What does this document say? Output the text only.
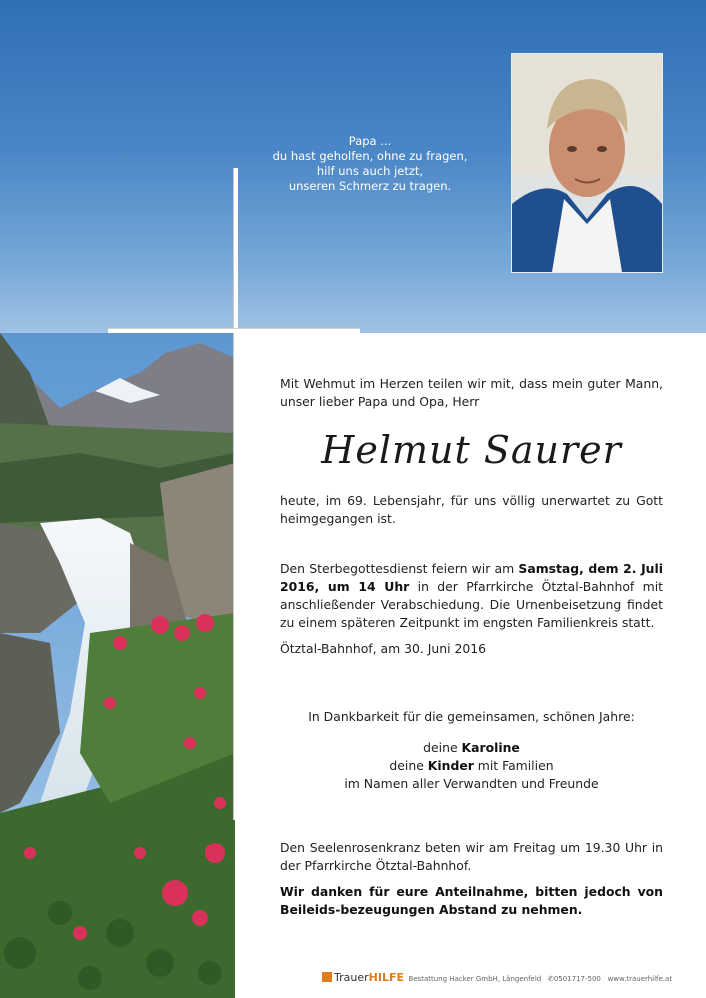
Papa ...
du hast geholfen, ohne zu fragen,
hilf uns auch jetzt,
unseren Schmerz zu tragen.
Mit Wehmut im Herzen teilen wir mit, dass mein guter Mann, unser lieber Papa und Opa, Herr
Helmut Saurer
heute, im 69. Lebensjahr, für uns völlig unerwartet zu Gott heimgegangen ist.
Den Sterbegottesdienst feiern wir am Samstag, dem 2. Juli 2016, um 14 Uhr in der Pfarrkirche Ötztal-Bahnhof mit anschließender Verabschiedung. Die Urnenbeisetzung findet zu einem späteren Zeitpunkt im engsten Familienkreis statt.
Ötztal-Bahnhof, am 30. Juni 2016
In Dankbarkeit für die gemeinsamen, schönen Jahre:
deine Karoline
deine Kinder mit Familien
im Namen aller Verwandten und Freunde
Den Seelenrosenkranz beten wir am Freitag um 19.30 Uhr in der Pfarrkirche Ötztal-Bahnhof.
Wir danken für eure Anteilnahme, bitten jedoch von Beileids-bezeugungen Abstand zu nehmen.
TrauerHILFE Bestattung Hacker GmbH, Längenfeld ✆0501717-500 www.trauerhilfe.at
